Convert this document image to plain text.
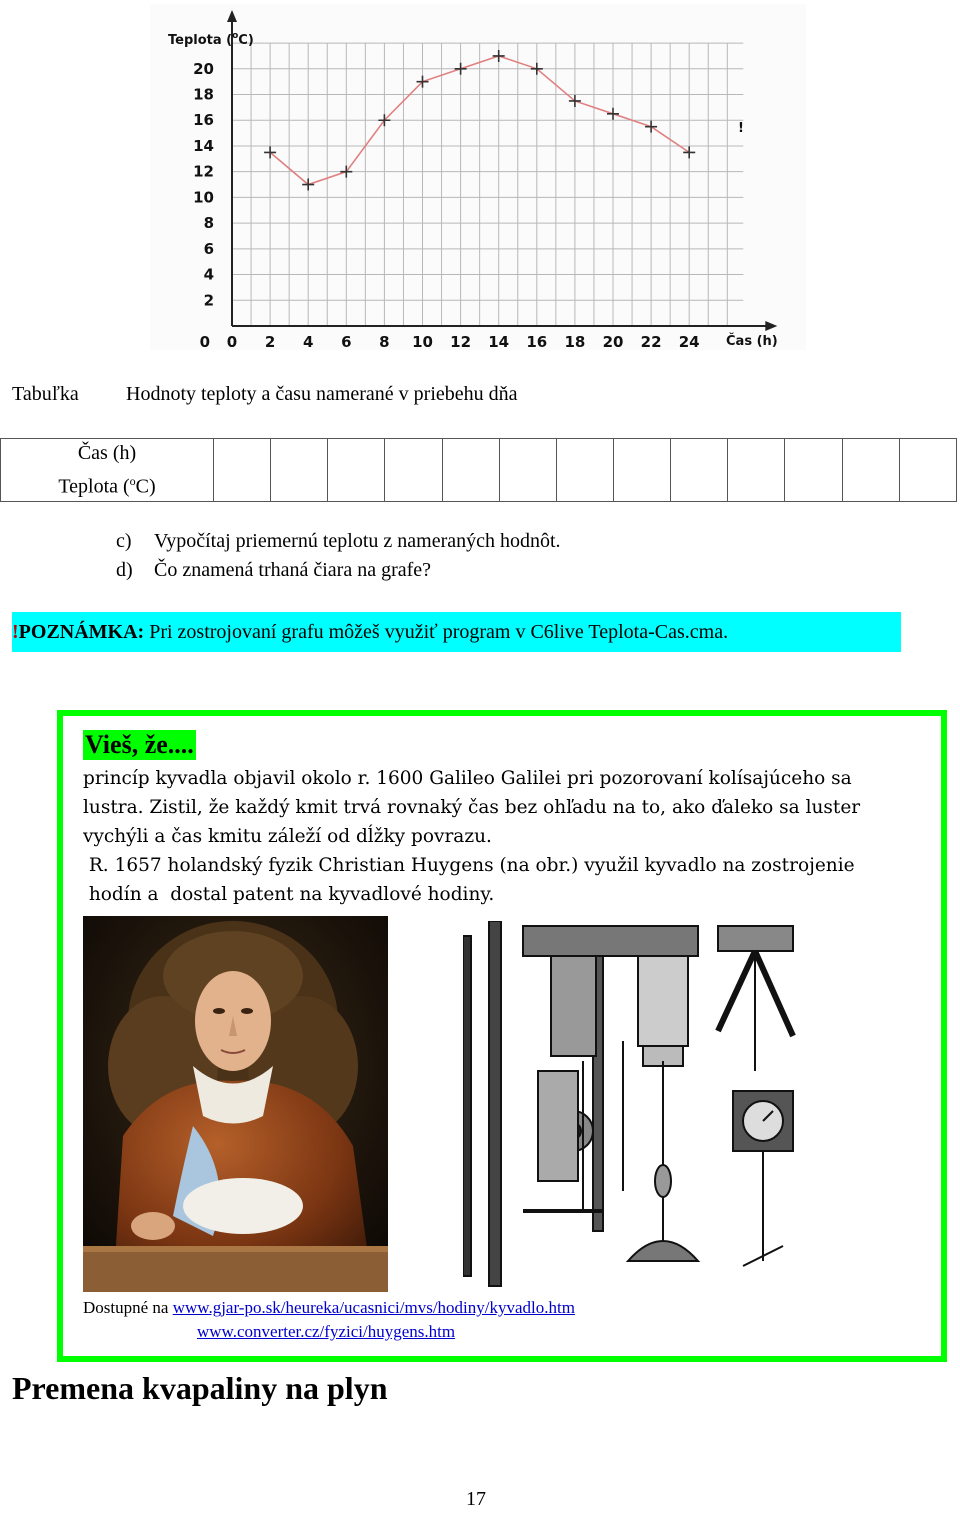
0 2 4 6 8 10 12 14 16 18 20 22 24
2
4
6
8
10
12
14
16
18
20
0
Teplota ($^o$C)
Čas (h)
!
Tabuľka Hodnoty teploty a času namerané v priebehu dňa
Čas (h)
Teplota ($^o$C)

c) Vypočítaj priemernú teplotu z nameraných hodnôt.
d) Čo znamená trhaná čiara na grafe?
!POZNÁMKA: Pri zostrojovaní grafu môžeš využiť program v C6live Teplota-Cas.cma.
Vieš, že....
princíp kyvadla objavil okolo r. 1600 Galileo Galilei pri pozorovaní kolísajúceho sa
lustra. Zistil, že každý kmit trvá rovnaký čas bez ohľadu na to, ako ďaleko sa luster
vychýli a čas kmitu záleží od dĺžky povrazu.
R. 1657 holandský fyzik Christian Huygens (na obr.) využil kyvadlo na zostrojenie
hodín a  dostal patent na kyvadlové hodiny.
Dostupné na www.gjar-po.sk/heureka/ucasnici/mvs/hodiny/kyvadlo.htm
www.converter.cz/fyzici/huygens.htm
Premena kvapaliny na plyn
17
